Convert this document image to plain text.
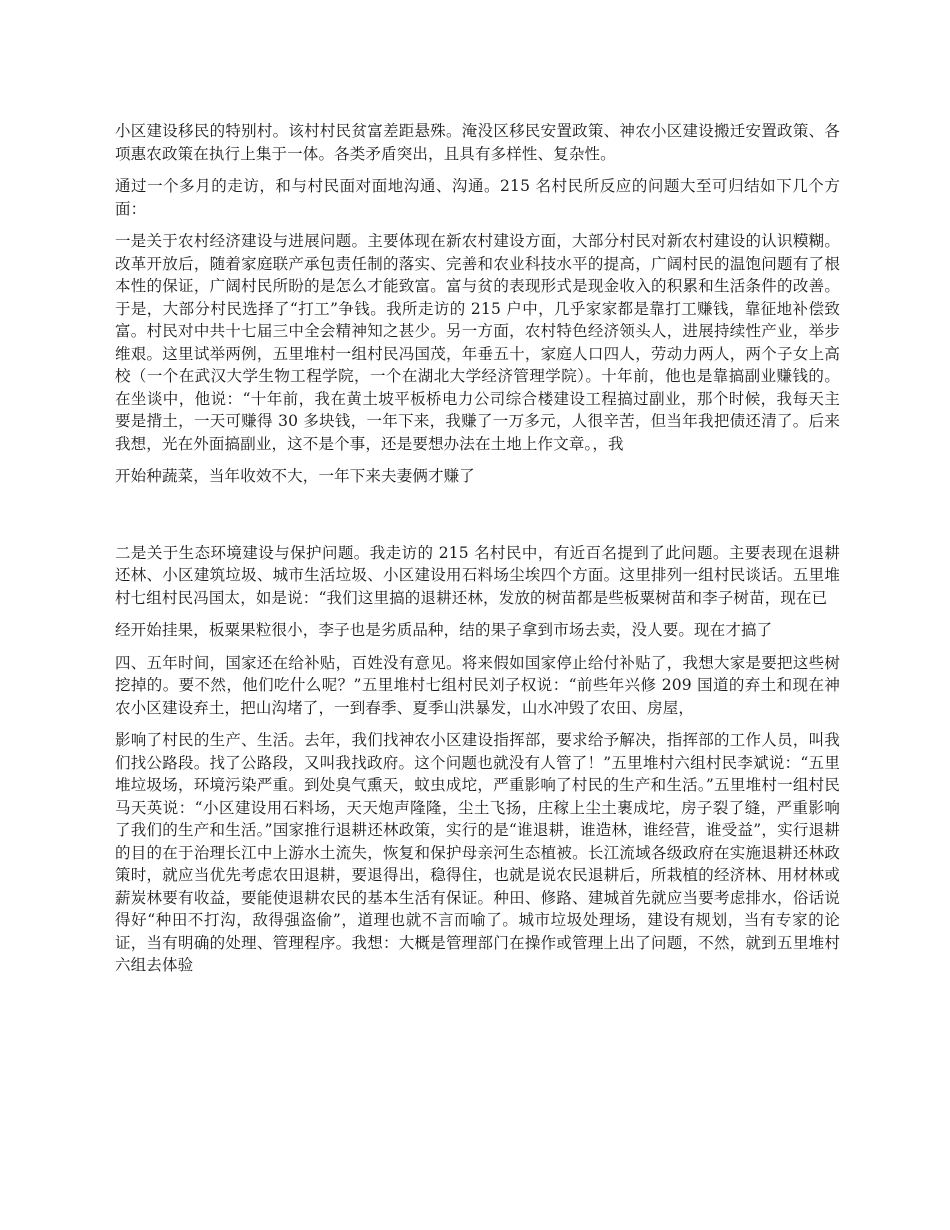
小区建设移民的特别村。该村村民贫富差距悬殊。淹没区移民安置政策、神农小区建设搬迁安置政策、各项惠农政策在执行上集于一体。各类矛盾突出，且具有多样性、复杂性。

通过一个多月的走访，和与村民面对面地沟通、沟通。215 名村民所反应的问题大至可归结如下几个方面：

一是关于农村经济建设与进展问题。主要体现在新农村建设方面，大部分村民对新农村建设的认识糢糊。改革开放后，随着家庭联产承包责任制的落实、完善和农业科技水平的提高，广阔村民的温饱问题有了根本性的保证，广阔村民所盼的是怎么才能致富。富与贫的表现形式是现金收入的积累和生活条件的改善。于是，大部分村民选择了“打工”争钱。我所走访的 215 户中，几乎家家都是靠打工赚钱，靠征地补偿致富。村民对中共十七届三中全会精神知之甚少。另一方面，农村特色经济领头人，进展持续性产业，举步维艰。这里试举两例，五里堆村一组村民冯国茂，年垂五十，家庭人口四人，劳动力两人，两个子女上高校（一个在武汉大学生物工程学院，一个在湖北大学经济管理学院）。十年前，他也是靠搞副业赚钱的。在坐谈中，他说：“十年前，我在黄土坡平板桥电力公司综合楼建设工程搞过副业，那个时候，我每天主要是揹土，一天可赚得 30 多块钱，一年下来，我赚了一万多元，人很辛苦，但当年我把债还清了。后来我想，光在外面搞副业，这不是个事，还是要想办法在土地上作文章。，我

开始种蔬菜，当年收效不大，一年下来夫妻俩才赚了

二是关于生态环境建设与保护问题。我走访的 215 名村民中，有近百名提到了此问题。主要表现在退耕还林、小区建筑垃圾、城市生活垃圾、小区建设用石料场尘埃四个方面。这里排列一组村民谈话。五里堆村七组村民冯国太，如是说：“我们这里搞的退耕还林，发放的树苗都是些板粟树苗和李子树苗，现在已

经开始挂果，板粟果粒很小，李子也是劣质品种，结的果子拿到市场去卖，没人要。现在才搞了

四、五年时间，国家还在给补贴，百姓没有意见。将来假如国家停止给付补贴了，我想大家是要把这些树挖掉的。要不然，他们吃什么呢？”五里堆村七组村民刘子权说：“前些年兴修 209 国道的弃土和现在神农小区建设弃土，把山沟堵了，一到春季、夏季山洪暴发，山水冲毁了农田、房屋，

影响了村民的生产、生活。去年，我们找神农小区建设指挥部，要求给予解决，指挥部的工作人员，叫我们找公路段。找了公路段，又叫我找政府。这个问题也就没有人管了！”五里堆村六组村民李斌说：“五里堆垃圾场，环境污染严重。到处臭气熏天，蚊虫成坨，严重影响了村民的生产和生活。”五里堆村一组村民马天英说：“小区建设用石料场，天天炮声隆隆，尘土飞扬，庄稼上尘土裹成坨，房子裂了缝，严重影响了我们的生产和生活。”国家推行退耕还林政策，实行的是“谁退耕，谁造林，谁经营，谁受益”，实行退耕的目的在于治理长江中上游水土流失，恢复和保护母亲河生态植被。长江流域各级政府在实施退耕还林政策时，就应当优先考虑农田退耕，要退得出，稳得住，也就是说农民退耕后，所栽植的经济林、用材林或薪炭林要有收益，要能使退耕农民的基本生活有保证。种田、修路、建城首先就应当要考虑排水，俗话说得好“种田不打沟，敌得强盗偷”，道理也就不言而喻了。城市垃圾处理场，建设有规划，当有专家的论证，当有明确的处理、管理程序。我想：大概是管理部门在操作或管理上出了问题，不然，就到五里堆村六组去体验
